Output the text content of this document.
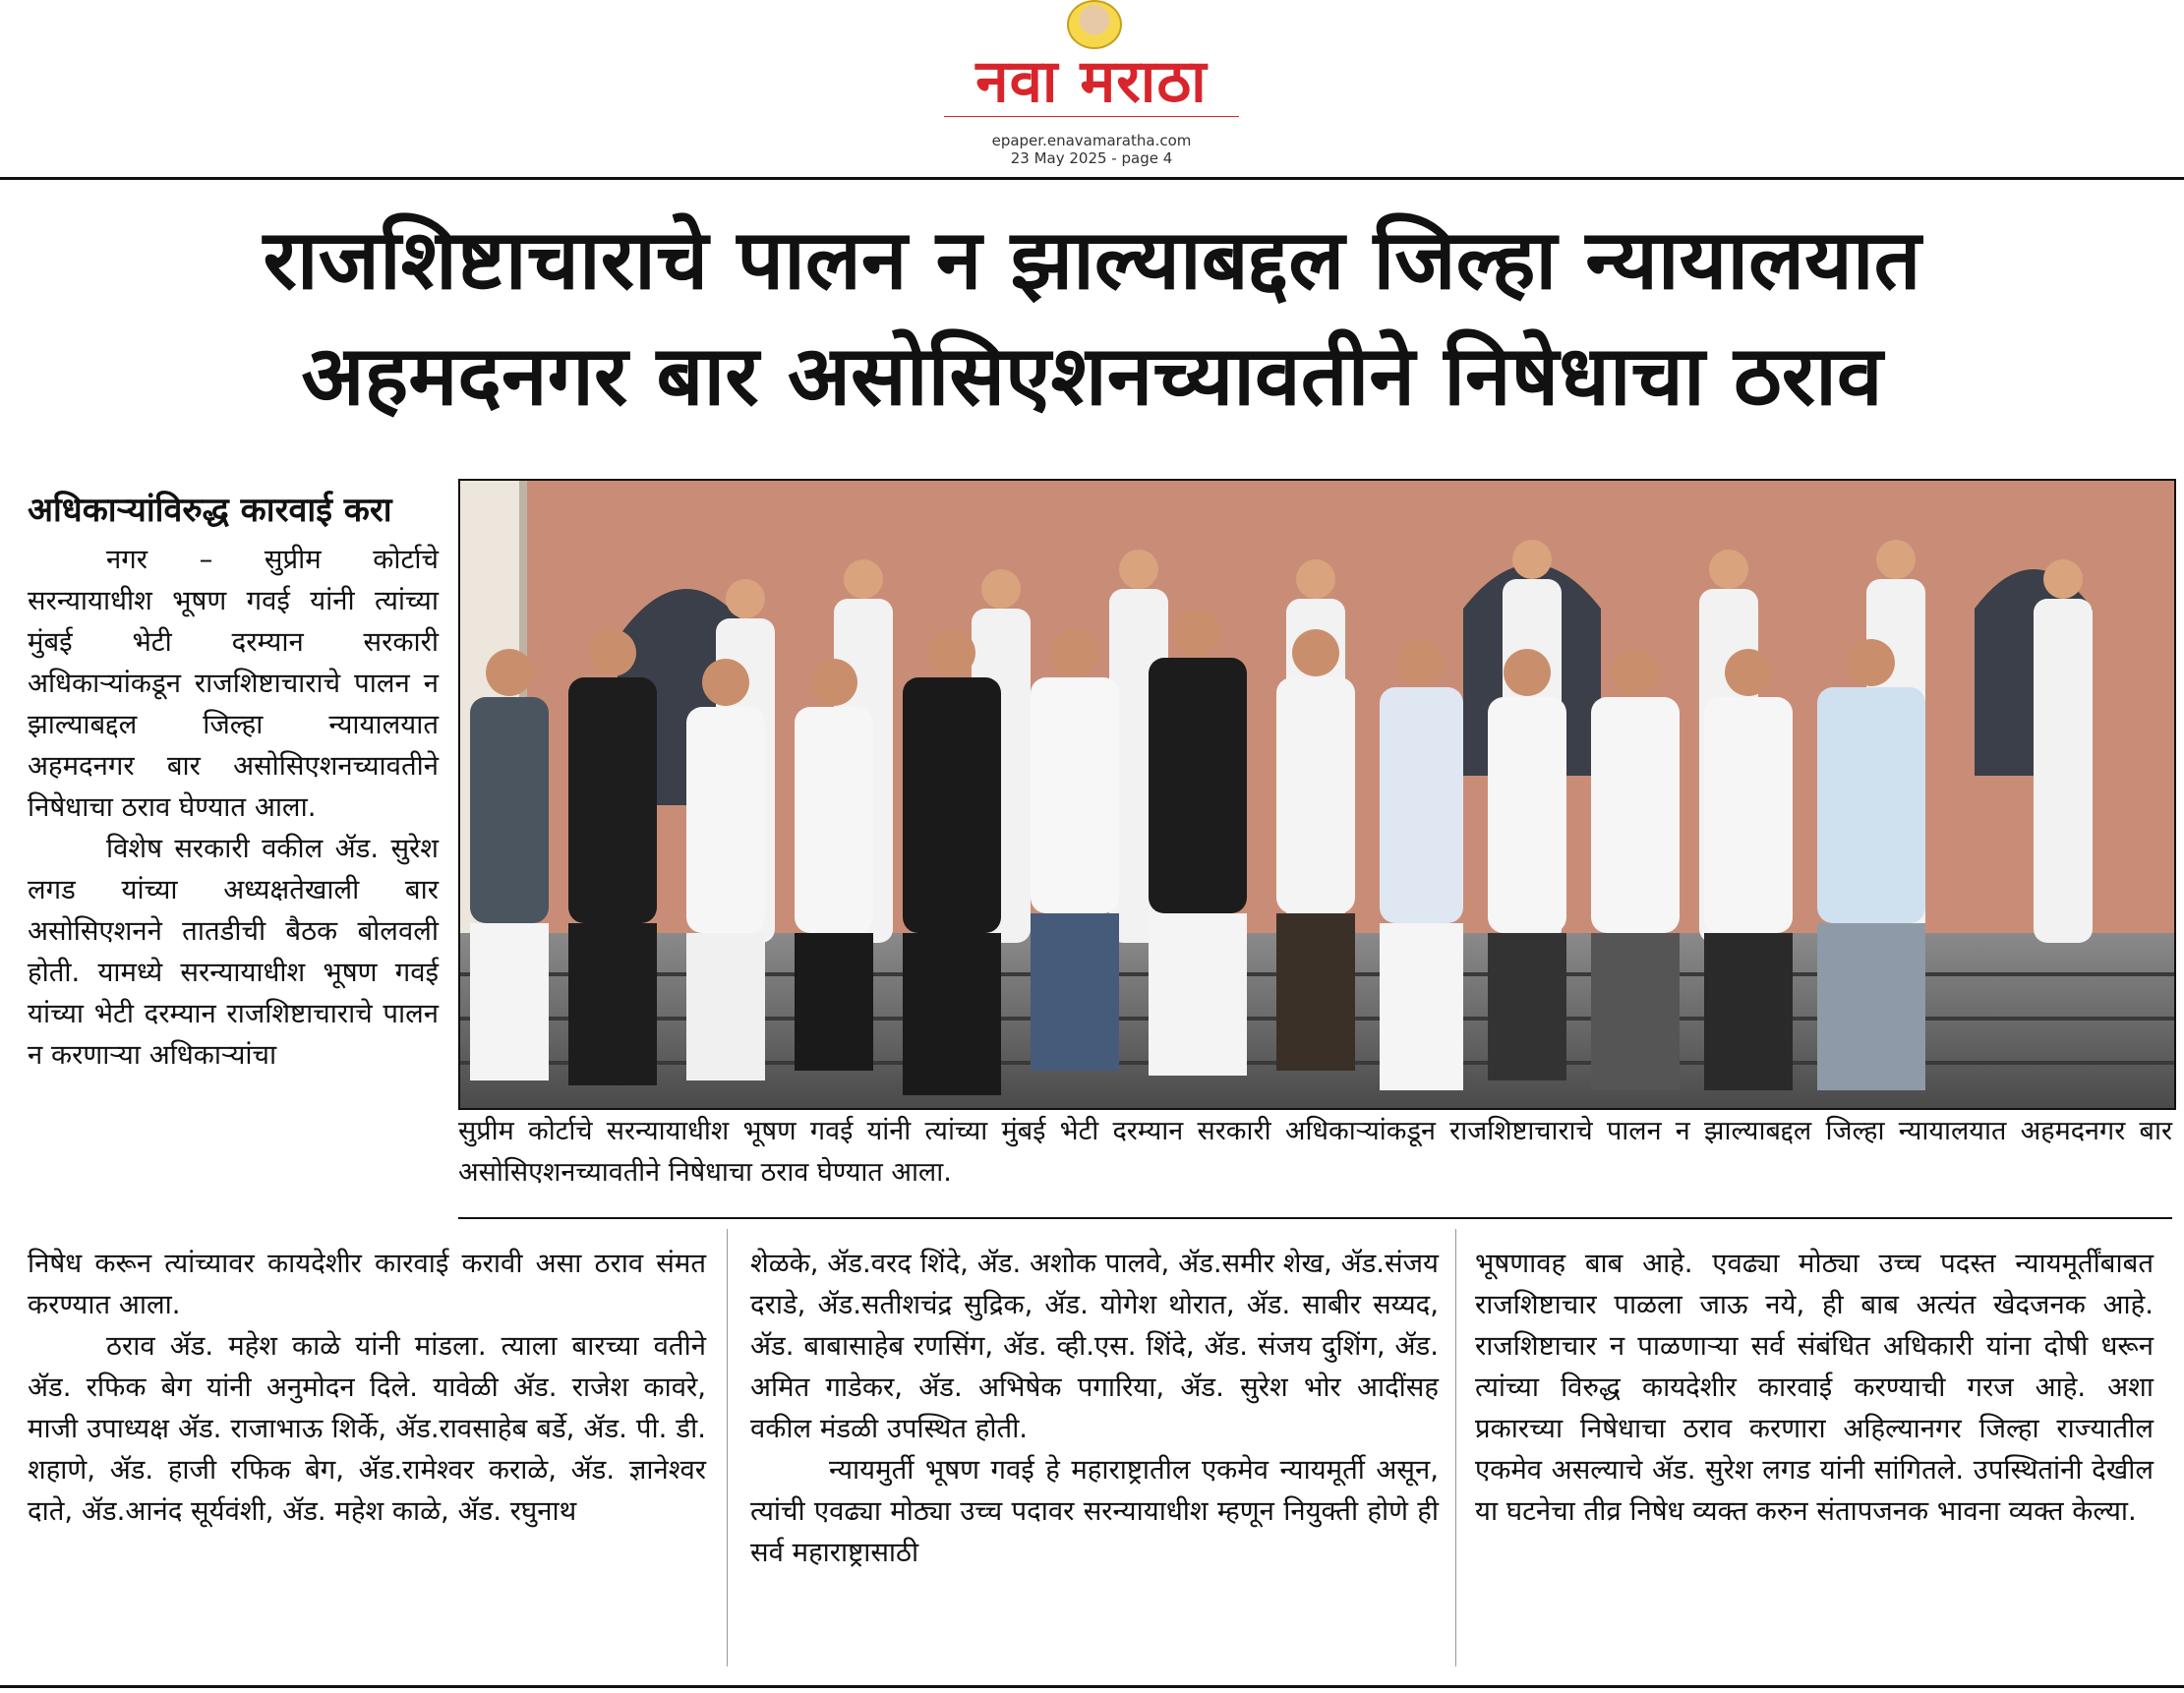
नवा मराठा
epaper.enavamaratha.com
23 May 2025 - page 4
राजशिष्टाचाराचे पालन न झाल्याबद्दल जिल्हा न्यायालयात
अहमदनगर बार असोसिएशनच्यावतीने निषेधाचा ठराव
अधिकाऱ्यांविरुद्ध कारवाई करा

नगर – सुप्रीम कोर्टाचे सरन्यायाधीश भूषण गवई यांनी त्यांच्या मुंबई भेटी दरम्यान सरकारी अधिकाऱ्यांकडून राजशिष्टाचाराचे पालन न झाल्याबद्दल जिल्हा न्यायालयात अहमदनगर बार असोसिएशनच्यावतीने निषेधाचा ठराव घेण्यात आला.

विशेष सरकारी वकील ॲड. सुरेश लगड यांच्या अध्यक्षतेखाली बार असोसिएशनने तातडीची बैठक बोलवली होती. यामध्ये सरन्यायाधीश भूषण गवई यांच्या भेटी दरम्यान राजशिष्टाचाराचे पालन न करणाऱ्या अधिकाऱ्यांचा

निषेध करून त्यांच्यावर कायदेशीर कारवाई करावी असा ठराव संमत करण्यात आला.

ठराव ॲड. महेश काळे यांनी मांडला. त्याला बारच्या वतीने ॲड. रफिक बेग यांनी अनुमोदन दिले. यावेळी ॲड. राजेश कावरे, माजी उपाध्यक्ष ॲड. राजाभाऊ शिर्के, ॲड.रावसाहेब बर्डे, ॲड. पी. डी. शहाणे, ॲड. हाजी रफिक बेग, ॲड.रामेश्वर कराळे, ॲड. ज्ञानेश्वर दाते, ॲड.आनंद सूर्यवंशी, ॲड. महेश काळे, ॲड. रघुनाथ

शेळके, ॲड.वरद शिंदे, ॲड. अशोक पालवे, ॲड.समीर शेख, ॲड.संजय दराडे, ॲड.सतीशचंद्र सुद्रिक, ॲड. योगेश थोरात, ॲड. साबीर सय्यद, ॲड. बाबासाहेब रणसिंग, ॲड. व्ही.एस. शिंदे, ॲड. संजय दुशिंग, ॲड. अमित गाडेकर, ॲड. अभिषेक पगारिया, ॲड. सुरेश भोर आदींसह वकील मंडळी उपस्थित होती.

न्यायमुर्ती भूषण गवई हे महाराष्ट्रातील एकमेव न्यायमूर्ती असून, त्यांची एवढ्या मोठ्या उच्च पदावर सरन्यायाधीश म्हणून नियुक्ती होणे ही सर्व महाराष्ट्रासाठी

भूषणावह बाब आहे. एवढ्या मोठ्या उच्च पदस्त न्यायमूर्तींबाबत राजशिष्टाचार पाळला जाऊ नये, ही बाब अत्यंत खेदजनक आहे. राजशिष्टाचार न पाळणाऱ्या सर्व संबंधित अधिकारी यांना दोषी धरून त्यांच्या विरुद्ध कायदेशीर कारवाई करण्याची गरज आहे. अशा प्रकारच्या निषेधाचा ठराव करणारा अहिल्यानगर जिल्हा राज्यातील एकमेव असल्याचे ॲड. सुरेश लगड यांनी सांगितले. उपस्थितांनी देखील या घटनेचा तीव्र निषेध व्यक्त करुन संतापजनक भावना व्यक्त केल्या.

सुप्रीम कोर्टाचे सरन्यायाधीश भूषण गवई यांनी त्यांच्या मुंबई भेटी दरम्यान सरकारी अधिकाऱ्यांकडून राजशिष्टाचाराचे पालन न झाल्याबद्दल जिल्हा न्यायालयात अहमदनगर बार असोसिएशनच्यावतीने निषेधाचा ठराव घेण्यात आला.
